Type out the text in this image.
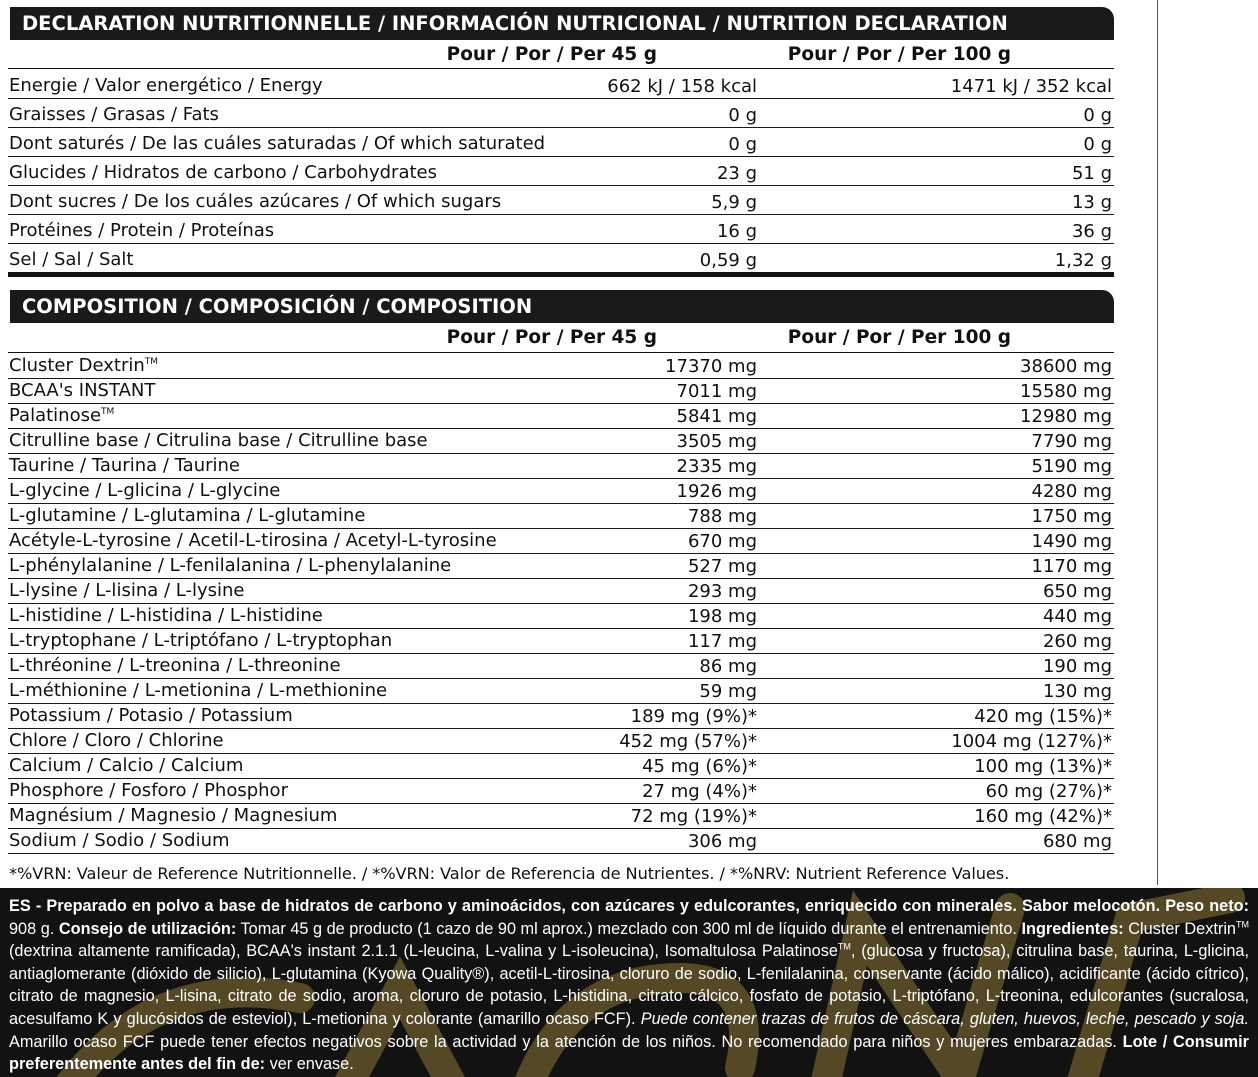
DECLARATION NUTRITIONNELLE / INFORMACIÓN NUTRICIONAL / NUTRITION DECLARATION
Pour / Por / Per 45 g	Pour / Por / Per 100 g
Energie / Valor energético / Energy	662 kJ / 158 kcal	1471 kJ / 352 kcal
Graisses / Grasas / Fats	0 g	0 g
Dont saturés / De las cuáles saturadas / Of which saturated	0 g	0 g
Glucides / Hidratos de carbono / Carbohydrates	23 g	51 g
Dont sucres / De los cuáles azúcares / Of which sugars	5,9 g	13 g
Protéines / Protein / Proteínas	16 g	36 g
Sel / Sal / Salt	0,59 g	1,32 g
COMPOSITION / COMPOSICIÓN / COMPOSITION
Pour / Por / Per 45 g	Pour / Por / Per 100 g
Cluster Dextrin™	17370 mg	38600 mg
BCAA's INSTANT	7011 mg	15580 mg
Palatinose™	5841 mg	12980 mg
Citrulline base / Citrulina base / Citrulline base	3505 mg	7790 mg
Taurine / Taurina / Taurine	2335 mg	5190 mg
L-glycine / L-glicina / L-glycine	1926 mg	4280 mg
L-glutamine / L-glutamina / L-glutamine	788 mg	1750 mg
Acétyle-L-tyrosine / Acetil-L-tirosina / Acetyl-L-tyrosine	670 mg	1490 mg
L-phénylalanine / L-fenilalanina / L-phenylalanine	527 mg	1170 mg
L-lysine / L-lisina / L-lysine	293 mg	650 mg
L-histidine / L-histidina / L-histidine	198 mg	440 mg
L-tryptophane / L-triptófano / L-tryptophan	117 mg	260 mg
L-thréonine / L-treonina / L-threonine	86 mg	190 mg
L-méthionine / L-metionina / L-methionine	59 mg	130 mg
Potassium / Potasio / Potassium	189 mg (9%)*	420 mg (15%)*
Chlore / Cloro / Chlorine	452 mg (57%)*	1004 mg (127%)*
Calcium / Calcio / Calcium	45 mg (6%)*	100 mg (13%)*
Phosphore / Fosforo / Phosphor	27 mg (4%)*	60 mg (27%)*
Magnésium / Magnesio / Magnesium	72 mg (19%)*	160 mg (42%)*
Sodium / Sodio / Sodium	306 mg	680 mg
*%VRN: Valeur de Reference Nutritionnelle. / *%VRN: Valor de Referencia de Nutrientes. / *%NRV: Nutrient Reference Values.
ES - Preparado en polvo a base de hidratos de carbono y aminoácidos, con azúcares y edulcorantes, enriquecido con minerales. Sabor melocotón. Peso neto: 908 g. Consejo de utilización: Tomar 45 g de producto (1 cazo de 90 ml aprox.) mezclado con 300 ml de líquido durante el entrenamiento. Ingredientes: Cluster Dextrin™ (dextrina altamente ramificada), BCAA's instant 2.1.1 (L-leucina, L-valina y L-isoleucina), Isomaltulosa Palatinose™, (glucosa y fructosa), citrulina base, taurina, L-glicina, antiaglomerante (dióxido de silicio), L-glutamina (Kyowa Quality®), acetil-L-tirosina, cloruro de sodio, L-fenilalanina, conservante (ácido málico), acidificante (ácido cítrico), citrato de magnesio, L-lisina, citrato de sodio, aroma, cloruro de potasio, L-histidina, citrato cálcico, fosfato de potasio, L-triptófano, L-treonina, edulcorantes (sucralosa, acesulfamo K y glucósidos de esteviol), L-metionina y colorante (amarillo ocaso FCF). Puede contener trazas de frutos de cáscara, gluten, huevos, leche, pescado y soja. Amarillo ocaso FCF puede tener efectos negativos sobre la actividad y la atención de los niños. No recomendado para niños y mujeres embarazadas. Lote / Consumir preferentemente antes del fin de: ver envase.
